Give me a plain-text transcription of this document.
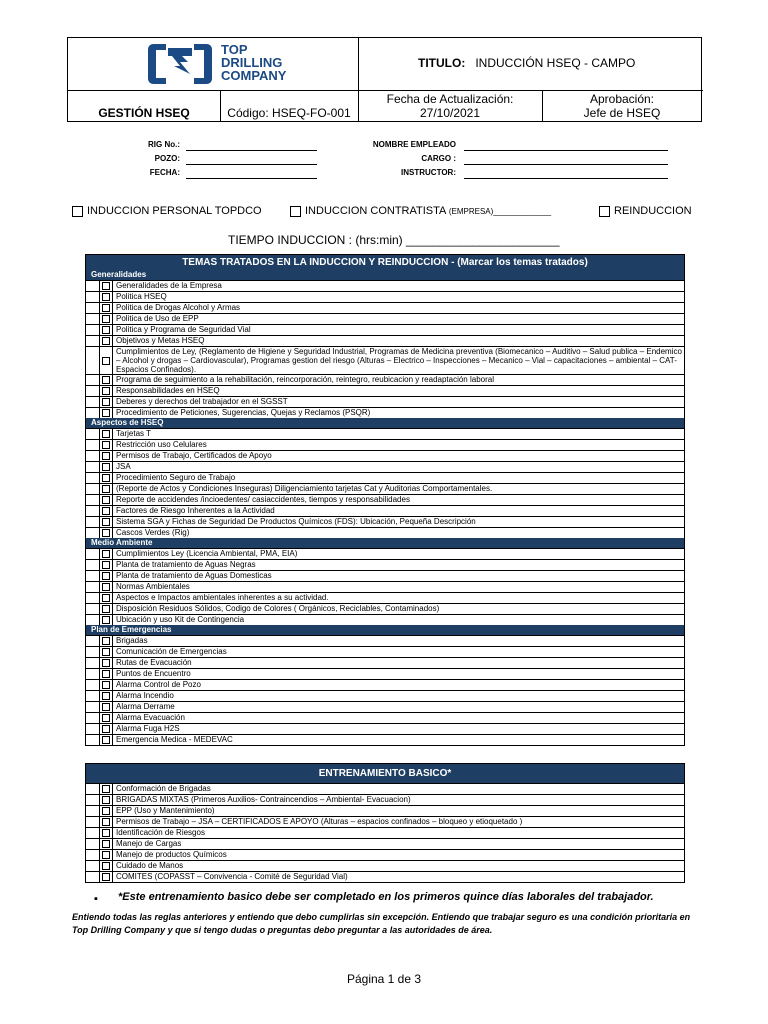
TOP
DRILLING
COMPANY
TITULO: INDUCCIÓN HSEQ - CAMPO
GESTIÓN HSEQ	Código: HSEQ-FO-001
Fecha de Actualización:
27/10/2021
Aprobación:
Jefe de HSEQ
RIG No.:
POZO:
FECHA:
NOMBRE EMPLEADO
CARGO :
INSTRUCTOR:
INDUCCION PERSONAL TOPDCO	INDUCCION CONTRATISTA (EMPRESA)_____________	REINDUCCION
TIEMPO INDUCCION : (hrs:min) _______________________
TEMAS TRATADOS EN LA INDUCCION Y REINDUCCION - (Marcar los temas tratados)
Generalidades
Generalidades de la Empresa
Politica HSEQ
Politica de Drogas Alcohol y Armas
Politica de Uso de EPP
Politica y Programa de Seguridad Vial
Objetivos y Metas HSEQ
Cumplimientos de Ley, (Reglamento de Higiene y Seguridad Industrial, Programas de Medicina preventiva (Biomecanico – Auditivo – Salud publica – Endemico – Alcohol y drogas – Cardiovascular), Programas gestion del riesgo (Alturas – Electrico – Inspecciones – Mecanico – Vial – capacitaciones – ambiental – CAT- Espacios Confinados).
Programa de seguimiento a la rehabilitación, reincorporación, reintegro, reubicacion y readaptación laboral
Responsabilidades en HSEQ
Deberes y derechos del trabajador en el SGSST
Procedimiento de Peticiones, Sugerencias, Quejas y Reclamos (PSQR)
Aspectos de HSEQ
Tarjetas T
Restricción uso Celulares
Permisos de Trabajo, Certificados de Apoyo
JSA
Procedimiento Seguro de Trabajo
(Reporte de Actos y Condiciones Inseguras) Diligenciamiento tarjetas Cat y Auditorias Comportamentales.
Reporte de accidendes /incioedentes/ casiaccidentes, tiempos y responsabilidades
Factores de Riesgo Inherentes a la Actividad
Sistema SGA y Fichas de Seguridad De Productos Químicos (FDS): Ubicación, Pequeña Descripción
Cascos Verdes (Rig)
Medio Ambiente
Cumplimientos Ley (Licencia Ambiental, PMA, EIA)
Planta de tratamiento de Aguas Negras
Planta de tratamiento de Aguas Domesticas
Normas Ambientales
Aspectos e Impactos ambientales inherentes a su actividad.
Disposición Residuos Sólidos, Codigo de Colores ( Orgánicos, Reciclables, Contaminados)
Ubicación y uso Kit de Contingencia
Plan de Emergencias
Brigadas
Comunicación de Emergencias
Rutas de Evacuación
Puntos de Encuentro
Alarma Control de Pozo
Alarma Incendio
Alarma Derrame
Alarma Evacuación
Alarma Fuga H2S
Emergencia Medica - MEDEVAC
ENTRENAMIENTO BASICO*
Conformación de Brigadas
BRIGADAS MIXTAS (Primeros Auxilios- Contraincendios – Ambiental- Evacuacion)
EPP (Uso y Mantenimiento)
Permisos de Trabajo – JSA – CERTIFICADOS E APOYO (Alturas – espacios confinados – bloqueo y etioquetado )
Identificación de Riesgos
Manejo de Cargas
Manejo de productos Químicos
Cuidado de Manos
COMITES (COPASST – Convivencia - Comité de Seguridad Vial)
▪ *Este entrenamiento basico debe ser completado en los primeros quince días laborales del trabajador.
Entiendo todas las reglas anteriores y entiendo que debo cumplirlas sin excepción. Entiendo que trabajar seguro es una condición prioritaria en Top Drilling Company y que si tengo dudas o preguntas debo preguntar a las autoridades de área.
Página 1 de 3
